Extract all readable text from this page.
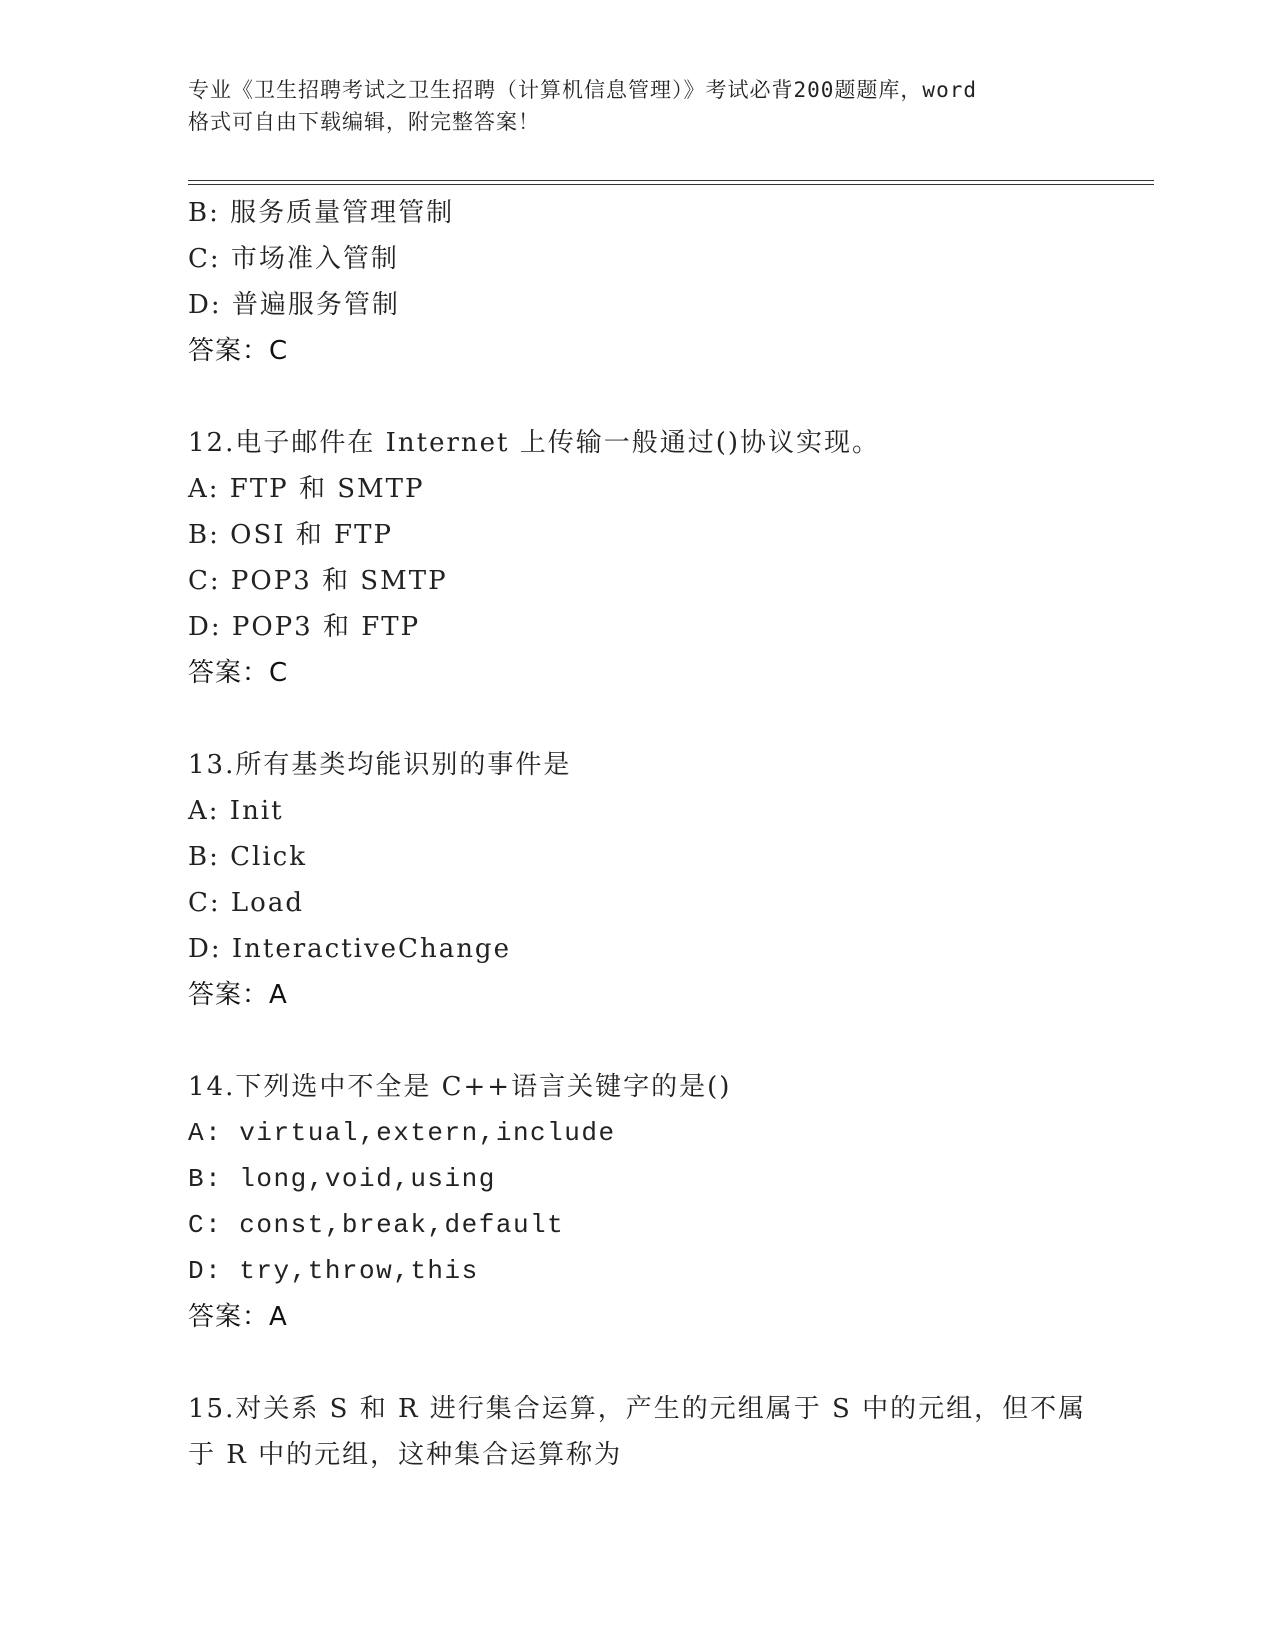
专业《卫生招聘考试之卫生招聘（计算机信息管理）》考试必背200题题库，word
格式可自由下载编辑，附完整答案！
B: 服务质量管理管制
C: 市场准入管制
D: 普遍服务管制
答案：C
12.电子邮件在 Internet 上传输一般通过()协议实现。
A: FTP 和 SMTP
B: OSI 和 FTP
C: POP3 和 SMTP
D: POP3 和 FTP
答案：C
13.所有基类均能识别的事件是
A: Init
B: Click
C: Load
D: InteractiveChange
答案：A
14.下列选中不全是 C++语言关键字的是()
A: virtual,extern,include
B: long,void,using
C: const,break,default
D: try,throw,this
答案：A
15.对关系 S 和 R 进行集合运算，产生的元组属于 S 中的元组，但不属
于 R 中的元组，这种集合运算称为
